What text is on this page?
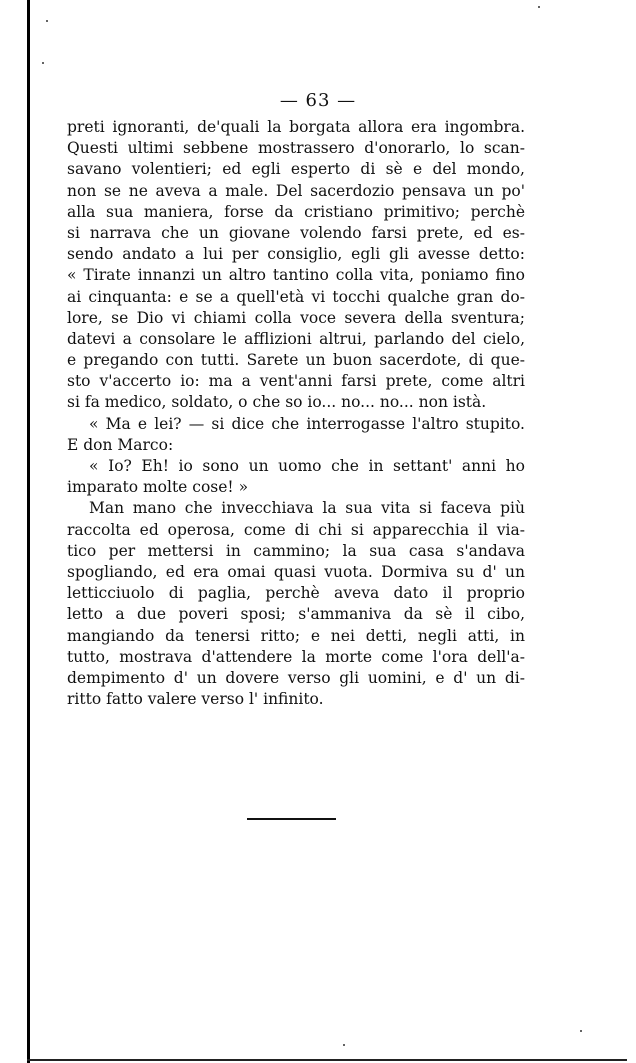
— 63 —
preti ignoranti, de'quali la borgata allora era ingombra.
Questi ultimi sebbene mostrassero d'onorarlo, lo scan-
savano volentieri; ed egli esperto di sè e del mondo,
non se ne aveva a male. Del sacerdozio pensava un po'
alla sua maniera, forse da cristiano primitivo; perchè
si narrava che un giovane volendo farsi prete, ed es-
sendo andato a lui per consiglio, egli gli avesse detto:
« Tirate innanzi un altro tantino colla vita, poniamo fino
ai cinquanta: e se a quell'età vi tocchi qualche gran do-
lore, se Dio vi chiami colla voce severa della sventura;
datevi a consolare le afflizioni altrui, parlando del cielo,
e pregando con tutti. Sarete un buon sacerdote, di que-
sto v'accerto io: ma a vent'anni farsi prete, come altri
si fa medico, soldato, o che so io... no... no... non istà.
« Ma e lei? — si dice che interrogasse l'altro stupito.
E don Marco:
« Io? Eh! io sono un uomo che in settant' anni ho
imparato molte cose! »
Man mano che invecchiava la sua vita si faceva più
raccolta ed operosa, come di chi si apparecchia il via-
tico per mettersi in cammino; la sua casa s'andava
spogliando, ed era omai quasi vuota. Dormiva su d' un
letticciuolo di paglia, perchè aveva dato il proprio
letto a due poveri sposi; s'ammaniva da sè il cibo,
mangiando da tenersi ritto; e nei detti, negli atti, in
tutto, mostrava d'attendere la morte come l'ora dell'a-
dempimento d' un dovere verso gli uomini, e d' un di-
ritto fatto valere verso l' infinito.
